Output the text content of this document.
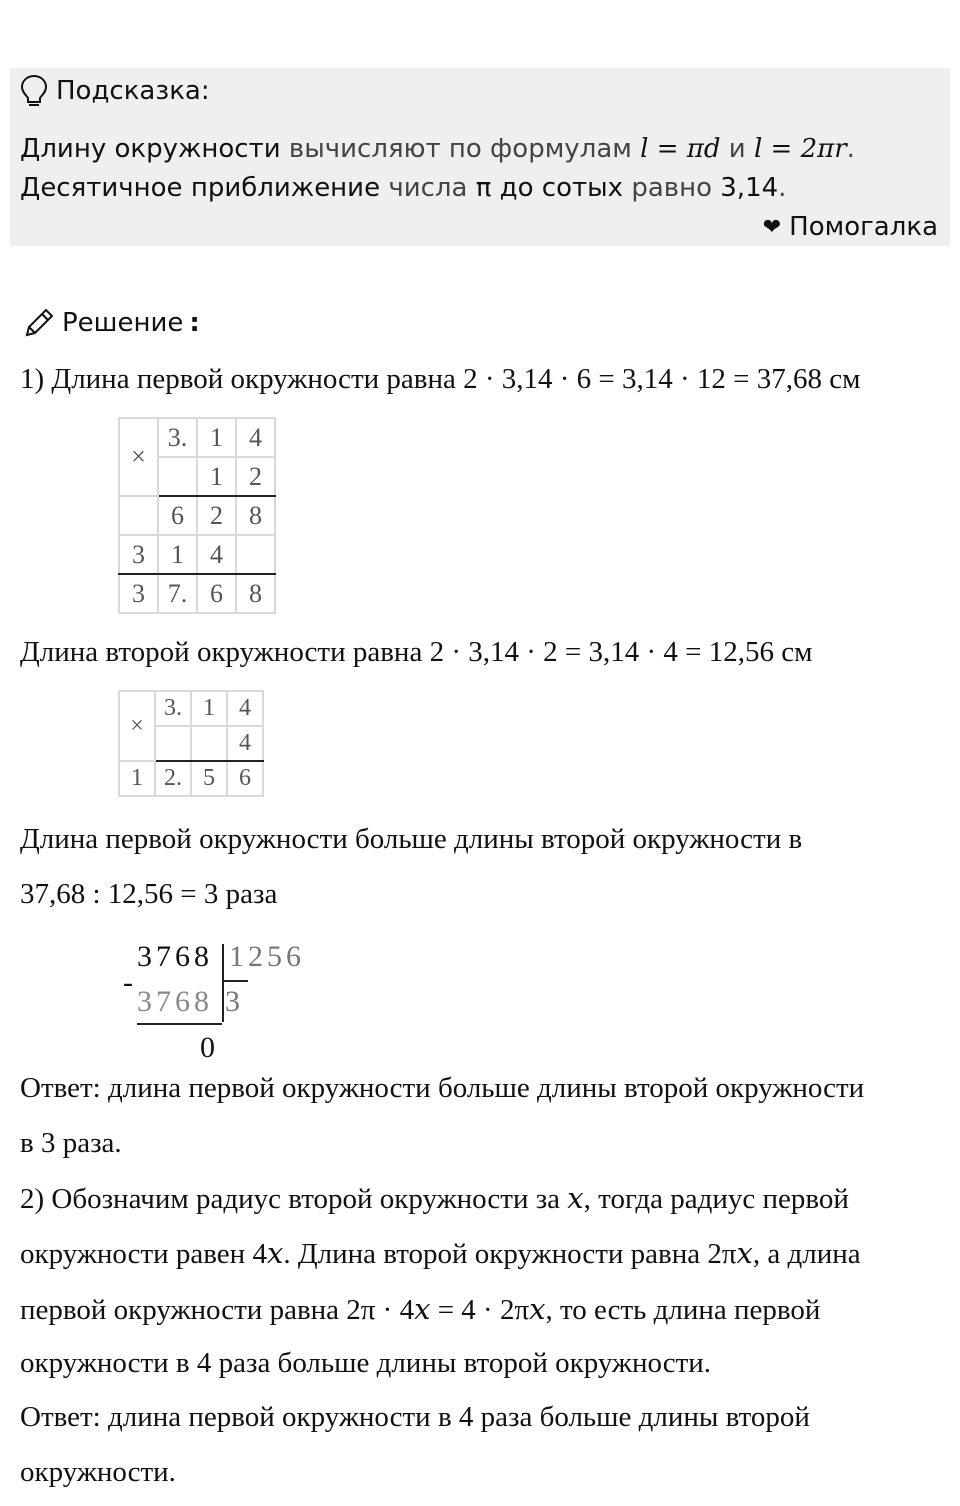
Подсказка:
Длину окружности вычисляют по формулам l = πd и l = 2πr.
Десятичное приближение числа π до сотых равно 3,14.
❤ Помогалка
Решение :
1) Длина первой окружности равна 2 · 3,14 · 6 = 3,14 · 12 = 37,68 см
×	3.	1	4
		1	2
	6	2	8
3	1	4	
3	7.	6	8
Длина второй окружности равна 2 · 3,14 · 2 = 3,14 · 4 = 12,56 см
×	3.	1	4
			4
1	2.	5	6
Длина первой окружности больше длины второй окружности в
37,68 : 12,56 = 3 раза
3768 1256
-
3768 3
0
Ответ: длина первой окружности больше длины второй окружности
в 3 раза.
2) Обозначим радиус второй окружности за x, тогда радиус первой
окружности равен 4x. Длина второй окружности равна 2πx, а длина
первой окружности равна 2π · 4x = 4 · 2πx, то есть длина первой
окружности в 4 раза больше длины второй окружности.
Ответ: длина первой окружности в 4 раза больше длины второй
окружности.
